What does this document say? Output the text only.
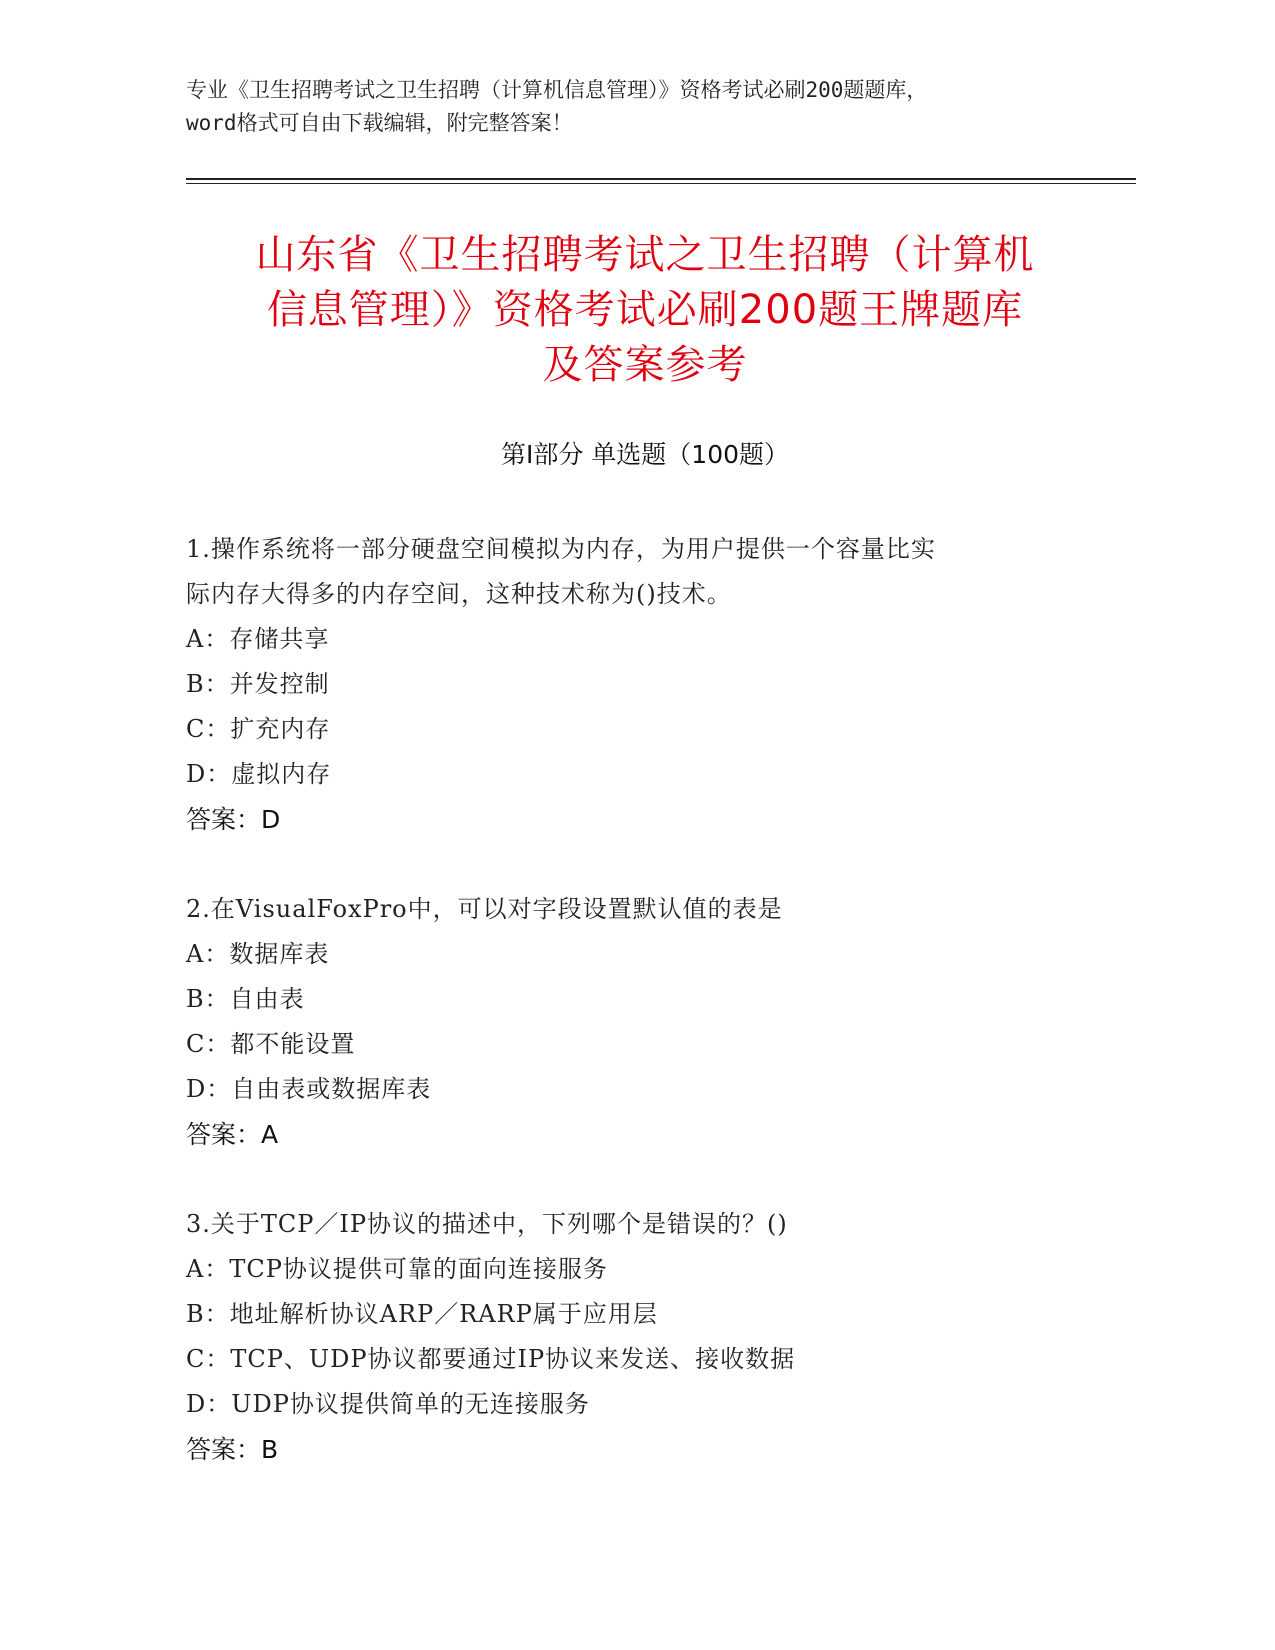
专业《卫生招聘考试之卫生招聘（计算机信息管理）》资格考试必刷200题题库，
word格式可自由下载编辑，附完整答案！
山东省《卫生招聘考试之卫生招聘（计算机
信息管理）》资格考试必刷200题王牌题库
及答案参考
第Ⅰ部分 单选题（100题）
1.操作系统将一部分硬盘空间模拟为内存，为用户提供一个容量比实
际内存大得多的内存空间，这种技术称为()技术。
A：存储共享
B：并发控制
C：扩充内存
D：虚拟内存
答案：D
2.在VisualFoxPro中，可以对字段设置默认值的表是
A：数据库表
B：自由表
C：都不能设置
D：自由表或数据库表
答案：A
3.关于TCP／IP协议的描述中，下列哪个是错误的？()
A：TCP协议提供可靠的面向连接服务
B：地址解析协议ARP／RARP属于应用层
C：TCP、UDP协议都要通过IP协议来发送、接收数据
D：UDP协议提供简单的无连接服务
答案：B
